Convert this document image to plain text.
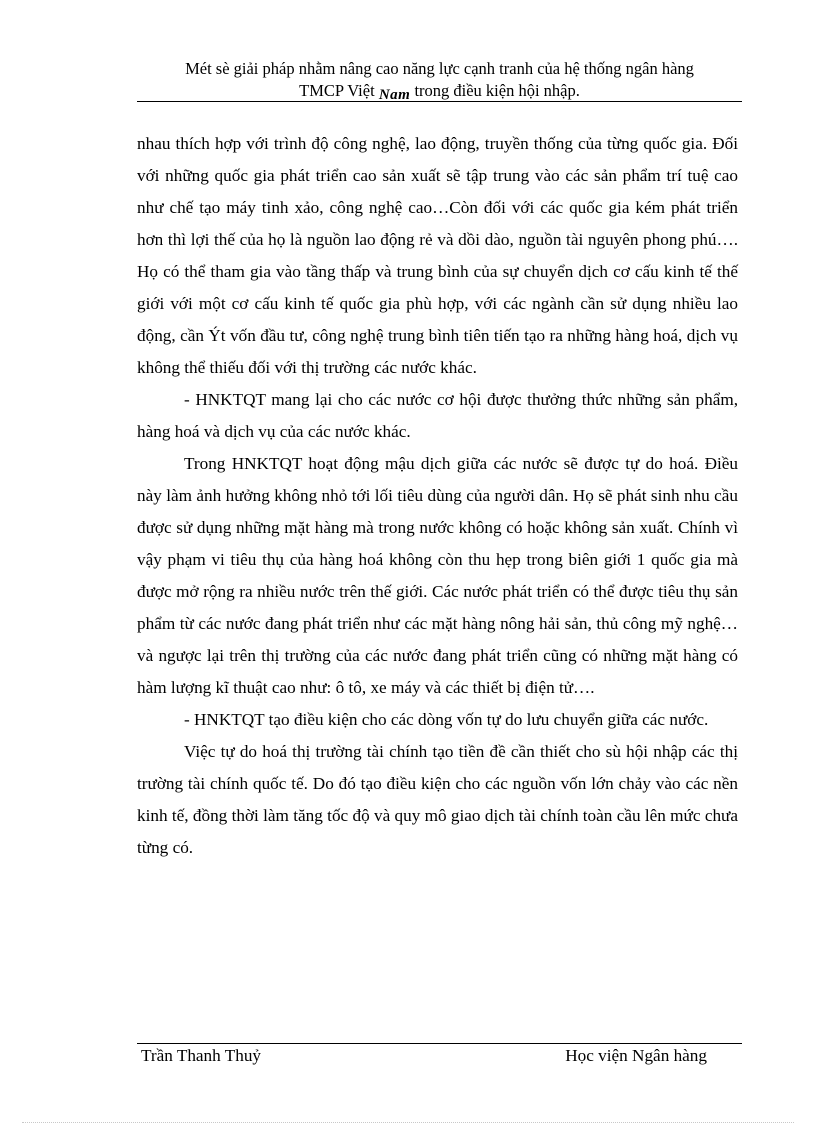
Mét sè giải pháp nhằm nâng cao năng lực cạnh tranh của hệ thống ngân hàng
TMCP Việt Nam trong điều kiện hội nhập.

nhau thích hợp với trình độ công nghệ, lao động, truyền thống của từng quốc gia. Đối với những quốc gia phát triển cao sản xuất sẽ tập trung vào các sản phẩm trí tuệ cao như chế tạo máy tinh xảo, công nghệ cao…Còn đối với các quốc gia kém phát triển hơn thì lợi thế của họ là nguồn lao động rẻ và dồi dào, nguồn tài nguyên phong phú…. Họ có thể tham gia vào tầng thấp và trung bình của sự chuyển dịch cơ cấu kinh tế thế giới với một cơ cấu kinh tế quốc gia phù hợp, với các ngành cần sử dụng nhiều lao động, cần Ýt vốn đầu tư, công nghệ trung bình tiên tiến tạo ra những hàng hoá, dịch vụ không thể thiếu đối với thị trường các nước khác.

- HNKTQT mang lại cho các nước cơ hội được thưởng thức những sản phẩm, hàng hoá và dịch vụ của các nước khác.

Trong HNKTQT hoạt động mậu dịch giữa các nước sẽ được tự do hoá. Điều này làm ảnh hưởng không nhỏ tới lối tiêu dùng của người dân. Họ sẽ phát sinh nhu cầu được sử dụng những mặt hàng mà trong nước không có hoặc không sản xuất. Chính vì vậy phạm vi tiêu thụ của hàng hoá không còn thu hẹp trong biên giới 1 quốc gia mà được mở rộng ra nhiều nước trên thế giới. Các nước phát triển có thể được tiêu thụ sản phẩm từ các nước đang phát triển như các mặt hàng nông hải sản, thủ công mỹ nghệ…và ngược lại trên thị trường của các nước đang phát triển cũng có những mặt hàng có hàm lượng kĩ thuật cao như: ô tô, xe máy và các thiết bị điện tử….

- HNKTQT tạo điều kiện cho các dòng vốn tự do lưu chuyển giữa các nước.

Việc tự do hoá thị trường tài chính tạo tiền đề cần thiết cho sù hội nhập các thị trường tài chính quốc tế. Do đó tạo điều kiện cho các nguồn vốn lớn chảy vào các nền kinh tế, đồng thời làm tăng tốc độ và quy mô giao dịch tài chính toàn cầu lên mức chưa từng có.

Trần Thanh Thuỷ	Học viện Ngân hàng
